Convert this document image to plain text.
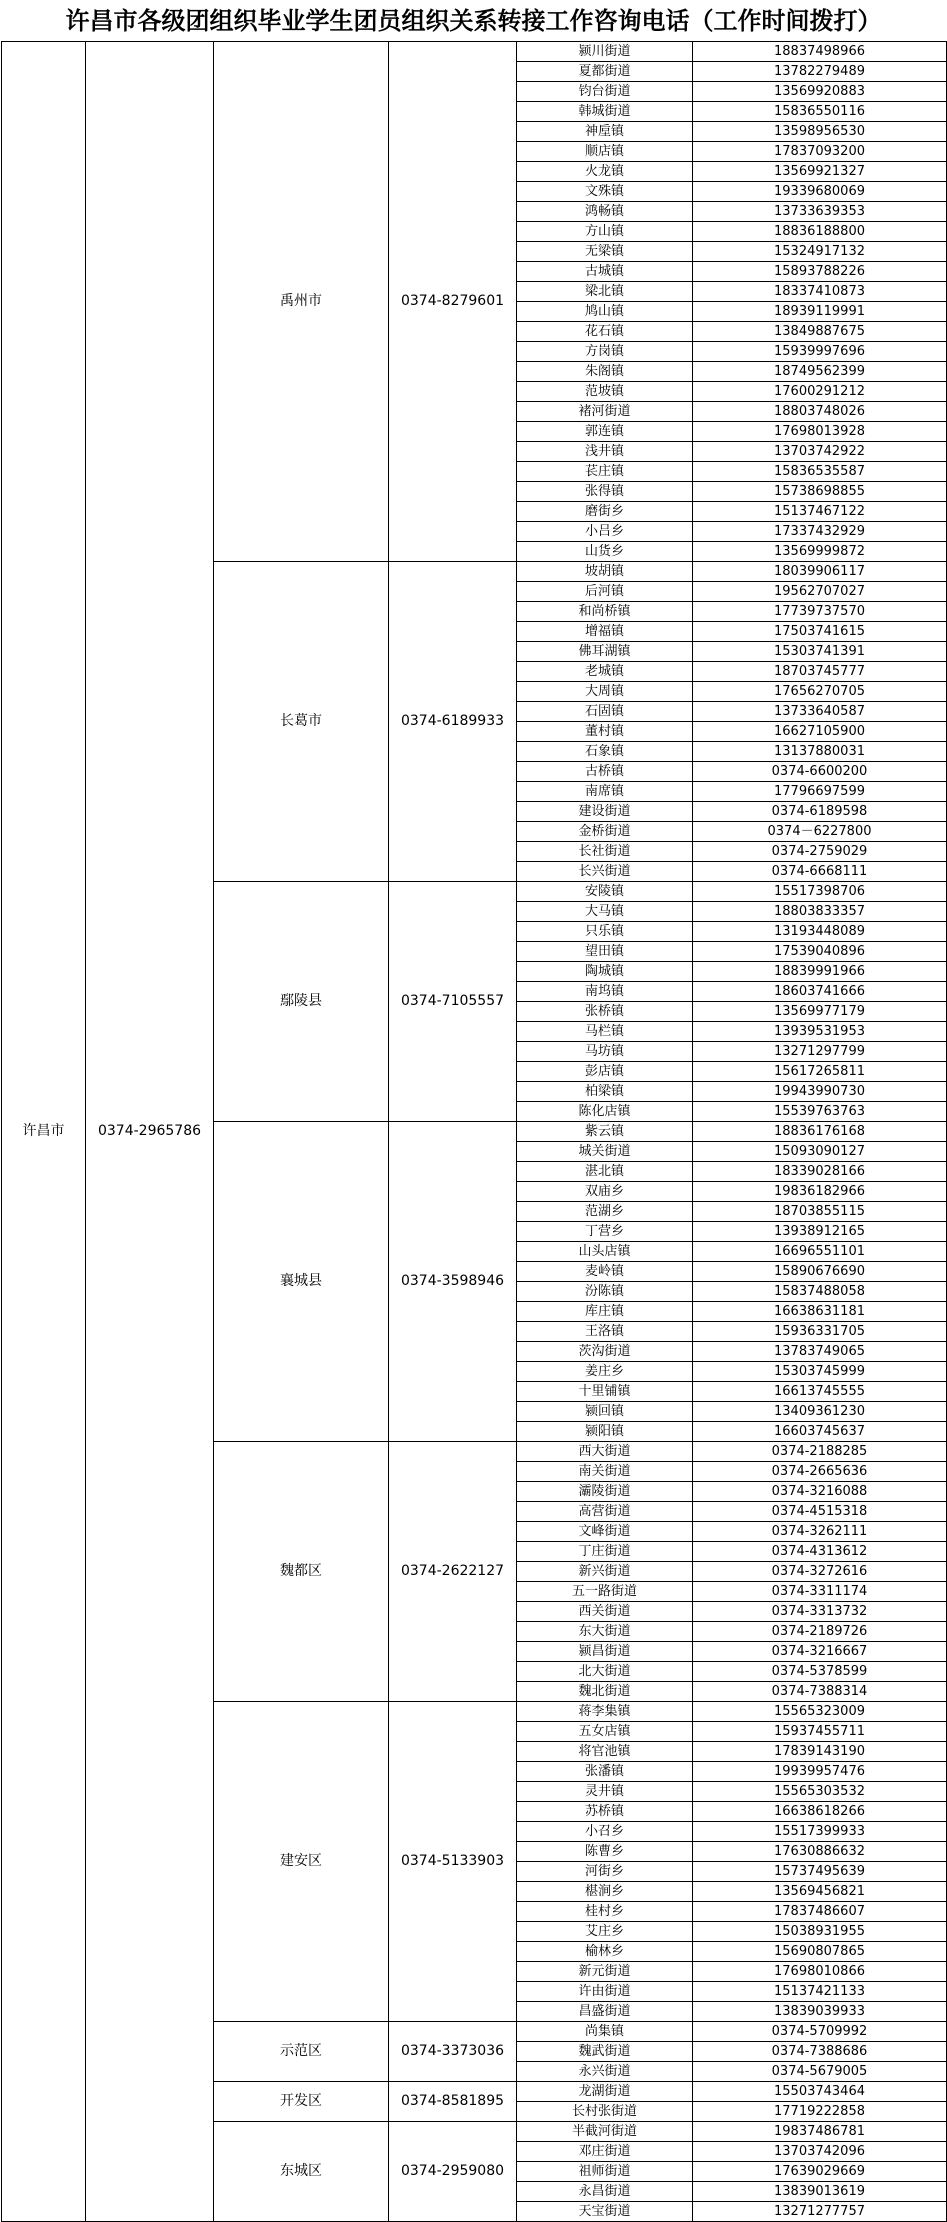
许昌市各级团组织毕业学生团员组织关系转接工作咨询电话（工作时间拨打）
许昌市	0374-2965786	禹州市	0374-8279601	颍川街道	18837498966
				夏都街道	13782279489
				钧台街道	13569920883
				韩城街道	15836550116
				神垕镇	13598956530
				顺店镇	17837093200
				火龙镇	13569921327
				文殊镇	19339680069
				鸿畅镇	13733639353
				方山镇	18836188800
				无梁镇	15324917132
				古城镇	15893788226
				梁北镇	18337410873
				鸠山镇	18939119991
				花石镇	13849887675
				方岗镇	15939997696
				朱阁镇	18749562399
				范坡镇	17600291212
				褚河街道	18803748026
				郭连镇	17698013928
				浅井镇	13703742922
				苌庄镇	15836535587
				张得镇	15738698855
				磨街乡	15137467122
				小吕乡	17337432929
				山货乡	13569999872
		长葛市	0374-6189933	坡胡镇	18039906117
				后河镇	19562707027
				和尚桥镇	17739737570
				增福镇	17503741615
				佛耳湖镇	15303741391
				老城镇	18703745777
				大周镇	17656270705
				石固镇	13733640587
				董村镇	16627105900
				石象镇	13137880031
				古桥镇	0374-6600200
				南席镇	17796697599
				建设街道	0374-6189598
				金桥街道	0374－6227800
				长社街道	0374-2759029
				长兴街道	0374-6668111
		鄢陵县	0374-7105557	安陵镇	15517398706
				大马镇	18803833357
				只乐镇	13193448089
				望田镇	17539040896
				陶城镇	18839991966
				南坞镇	18603741666
				张桥镇	13569977179
				马栏镇	13939531953
				马坊镇	13271297799
				彭店镇	15617265811
				柏梁镇	19943990730
				陈化店镇	15539763763
		襄城县	0374-3598946	紫云镇	18836176168
				城关街道	15093090127
				湛北镇	18339028166
				双庙乡	19836182966
				范湖乡	18703855115
				丁营乡	13938912165
				山头店镇	16696551101
				麦岭镇	15890676690
				汾陈镇	15837488058
				库庄镇	16638631181
				王洛镇	15936331705
				茨沟街道	13783749065
				姜庄乡	15303745999
				十里铺镇	16613745555
				颍回镇	13409361230
				颍阳镇	16603745637
		魏都区	0374-2622127	西大街道	0374-2188285
				南关街道	0374-2665636
				灞陵街道	0374-3216088
				高营街道	0374-4515318
				文峰街道	0374-3262111
				丁庄街道	0374-4313612
				新兴街道	0374-3272616
				五一路街道	0374-3311174
				西关街道	0374-3313732
				东大街道	0374-2189726
				颍昌街道	0374-3216667
				北大街道	0374-5378599
				魏北街道	0374-7388314
		建安区	0374-5133903	蒋李集镇	15565323009
				五女店镇	15937455711
				将官池镇	17839143190
				张潘镇	19939957476
				灵井镇	15565303532
				苏桥镇	16638618266
				小召乡	15517399933
				陈曹乡	17630886632
				河街乡	15737495639
				椹涧乡	13569456821
				桂村乡	17837486607
				艾庄乡	15038931955
				榆林乡	15690807865
				新元街道	17698010866
				许由街道	15137421133
				昌盛街道	13839039933
		示范区	0374-3373036	尚集镇	0374-5709992
				魏武街道	0374-7388686
				永兴街道	0374-5679005
		开发区	0374-8581895	龙湖街道	15503743464
				长村张街道	17719222858
		东城区	0374-2959080	半截河街道	19837486781
				邓庄街道	13703742096
				祖师街道	17639029669
				永昌街道	13839013619
				天宝街道	13271277757
